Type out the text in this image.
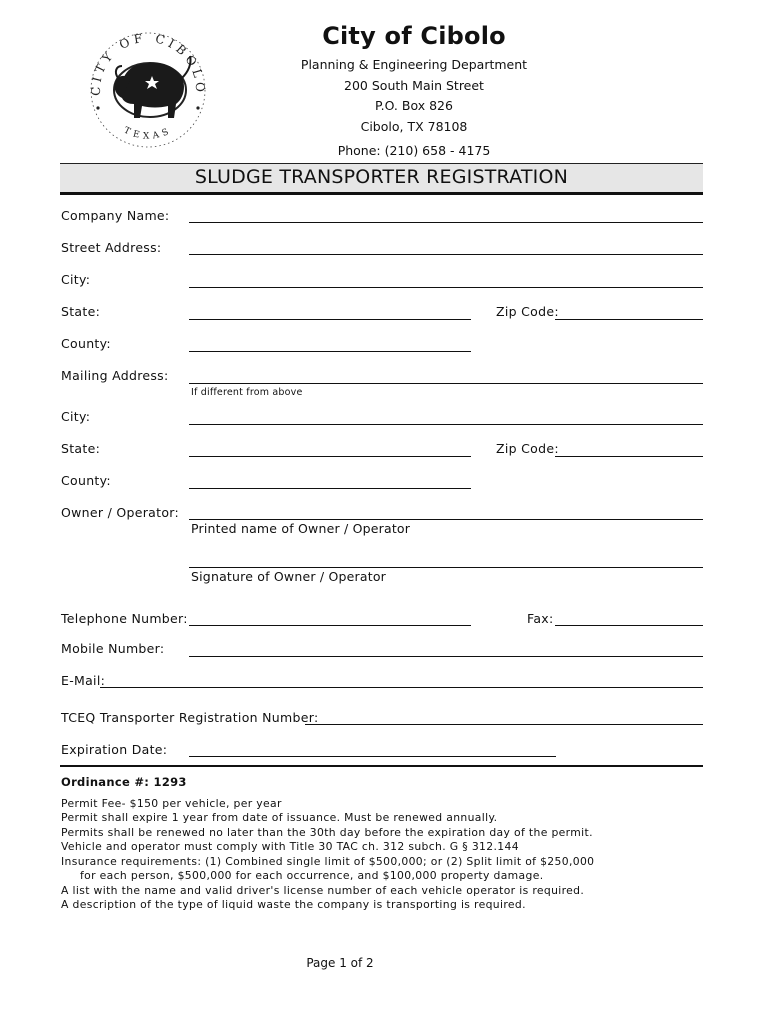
CITY OF CIBOLO
TEXAS
City of Cibolo
Planning & Engineering Department
200 South Main Street
P.O. Box 826
Cibolo, TX 78108
Phone: (210) 658 - 4175
SLUDGE TRANSPORTER REGISTRATION
Company Name:
Street Address:
City:
State:	Zip Code:
County:
Mailing Address:
If different from above
City:
State:	Zip Code:
County:
Owner / Operator:
Printed name of Owner / Operator
Signature of Owner / Operator
Telephone Number:	Fax:
Mobile Number:
E-Mail:
TCEQ Transporter Registration Number:
Expiration Date:
Ordinance #: 1293
Permit Fee- $150 per vehicle, per year
Permit shall expire 1 year from date of issuance. Must be renewed annually.
Permits shall be renewed no later than the 30th day before the expiration day of the permit.
Vehicle and operator must comply with Title 30 TAC ch. 312 subch. G § 312.144
Insurance requirements: (1) Combined single limit of $500,000; or (2) Split limit of $250,000
for each person, $500,000 for each occurrence, and $100,000 property damage.
A list with the name and valid driver's license number of each vehicle operator is required.
A description of the type of liquid waste the company is transporting is required.
Page 1 of 2
